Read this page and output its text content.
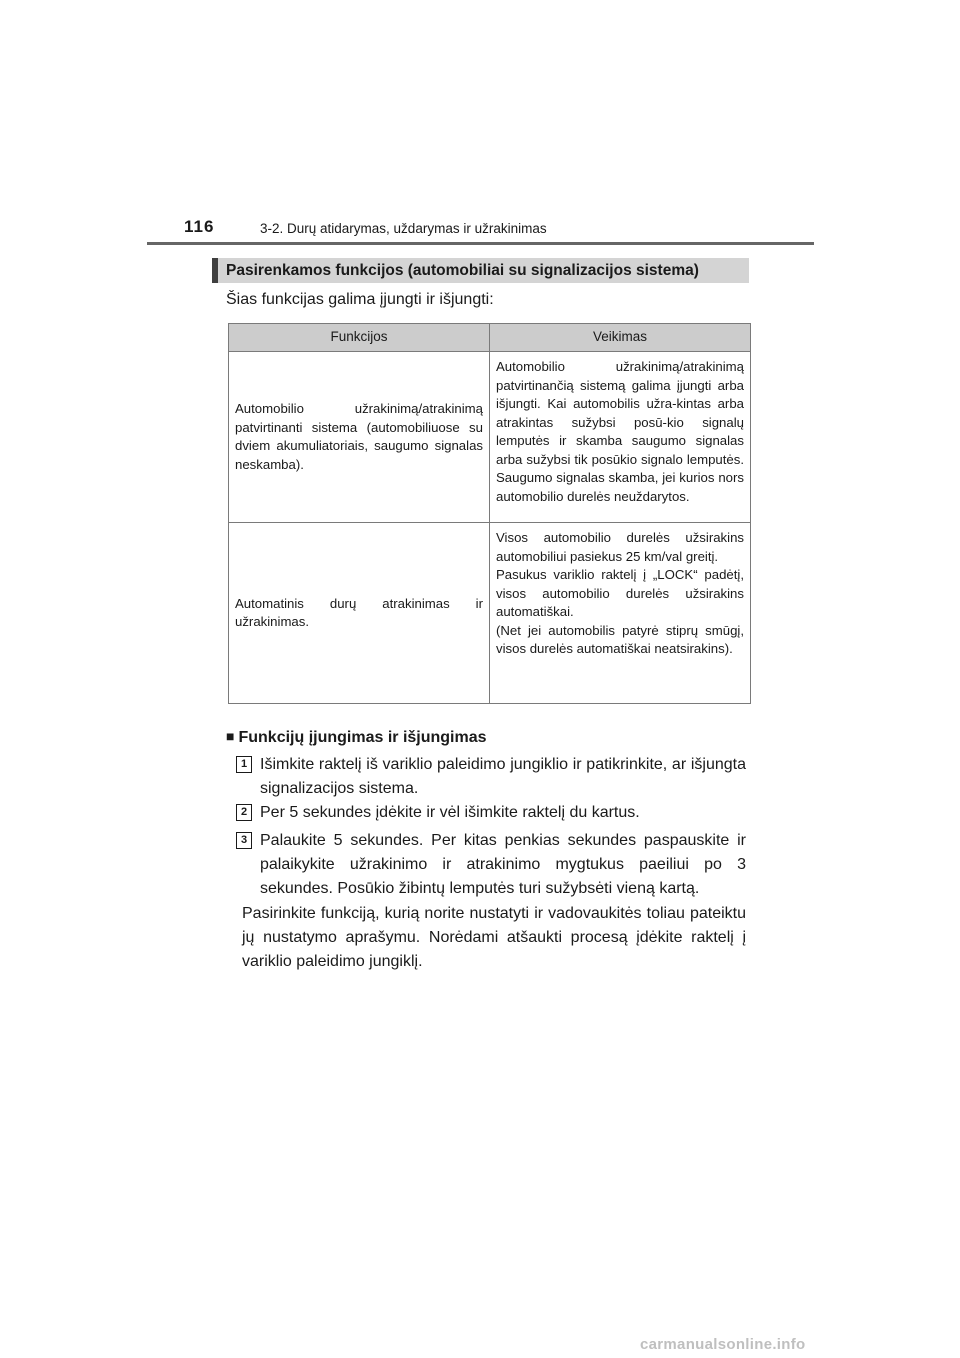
116	3-2. Durų atidarymas, uždarymas ir užrakinimas
Pasirenkamos funkcijos (automobiliai su signalizacijos sistema)
Šias funkcijas galima įjungti ir išjungti:
Funkcijos	Veikimas
Automobilio užrakinimą/atrakinimą patvirtinanti sistema (automobiliuose su dviem akumuliatoriais, saugumo signalas neskamba).	Automobilio užrakinimą/atrakinimą patvirtinančią sistemą galima įjungti arba išjungti. Kai automobilis užra-kintas arba atrakintas sužybsi posū-kio signalų lemputės ir skamba saugumo signalas arba sužybsi tik posūkio signalo lemputės. Saugumo signalas skamba, jei kurios nors automobilio durelės neuždarytos.
Automatinis durų atrakinimas ir užrakinimas.	Visos automobilio durelės užsirakins automobiliui pasiekus 25 km/val greitį.
Pasukus variklio raktelį į „LOCK“ padėtį, visos automobilio durelės užsirakins automatiškai.
(Net jei automobilis patyrė stiprų smūgį, visos durelės automatiškai neatsirakins).
■ Funkcijų įjungimas ir išjungimas
1 Išimkite raktelį iš variklio paleidimo jungiklio ir patikrinkite, ar išjungta signalizacijos sistema.
2 Per 5 sekundes įdėkite ir vėl išimkite raktelį du kartus.
3 Palaukite 5 sekundes. Per kitas penkias sekundes paspauskite ir palaikykite užrakinimo ir atrakinimo mygtukus paeiliui po 3 sekundes. Posūkio žibintų lemputės turi sužybsėti vieną kartą.
Pasirinkite funkciją, kurią norite nustatyti ir vadovaukitės toliau pateiktu jų nustatymo aprašymu. Norėdami atšaukti procesą įdėkite raktelį į variklio paleidimo jungiklį.
carmanualsonline.info
